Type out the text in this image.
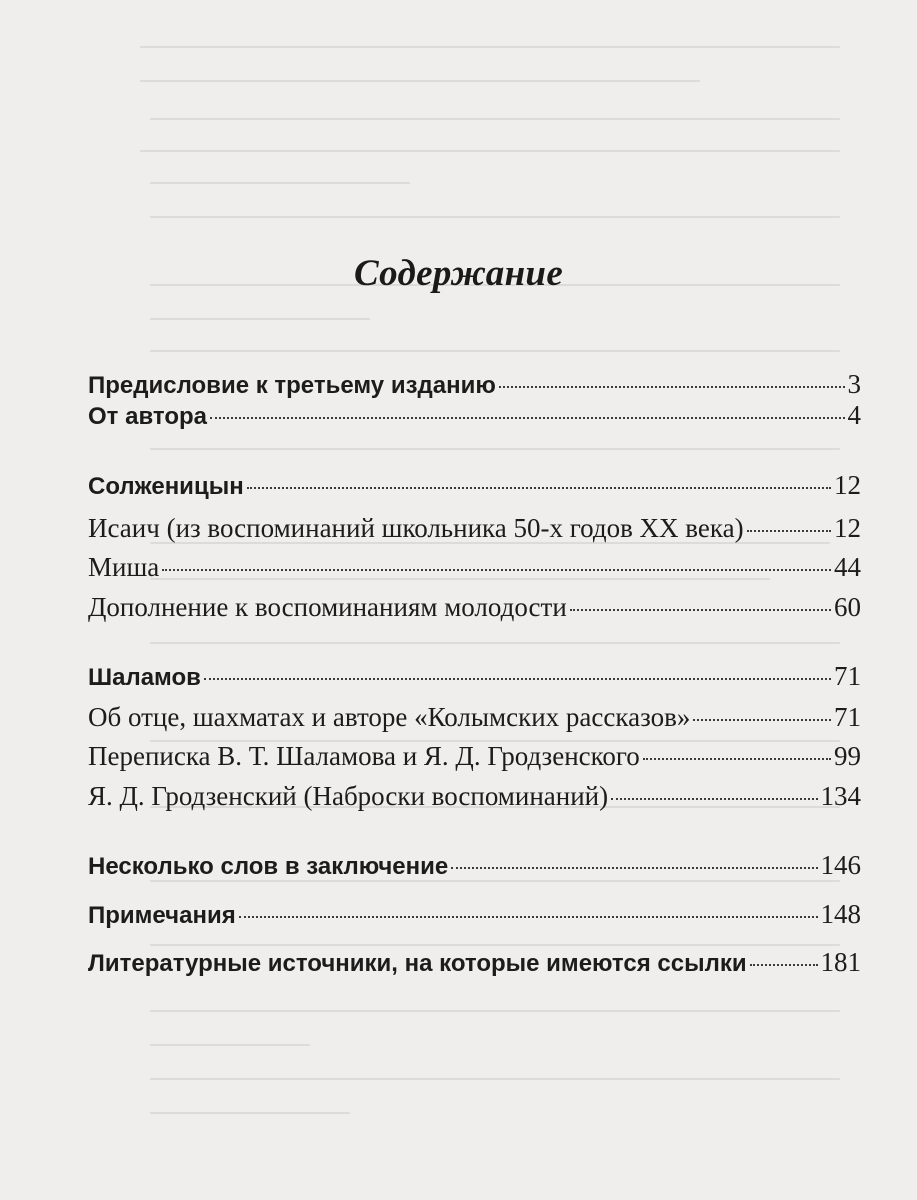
Содержание
Предисловие к третьему изданию	3
От автора	4
Солженицын	12
Исаич (из воспоминаний школьника 50-х годов XX века)	12
Миша	44
Дополнение к воспоминаниям молодости	60
Шаламов	71
Об отце, шахматах и авторе «Колымских рассказов»	71
Переписка В. Т. Шаламова и Я. Д. Гродзенского	99
Я. Д. Гродзенский (Наброски воспоминаний)	134
Несколько слов в заключение	146
Примечания	148
Литературные источники, на которые имеются ссылки	181
